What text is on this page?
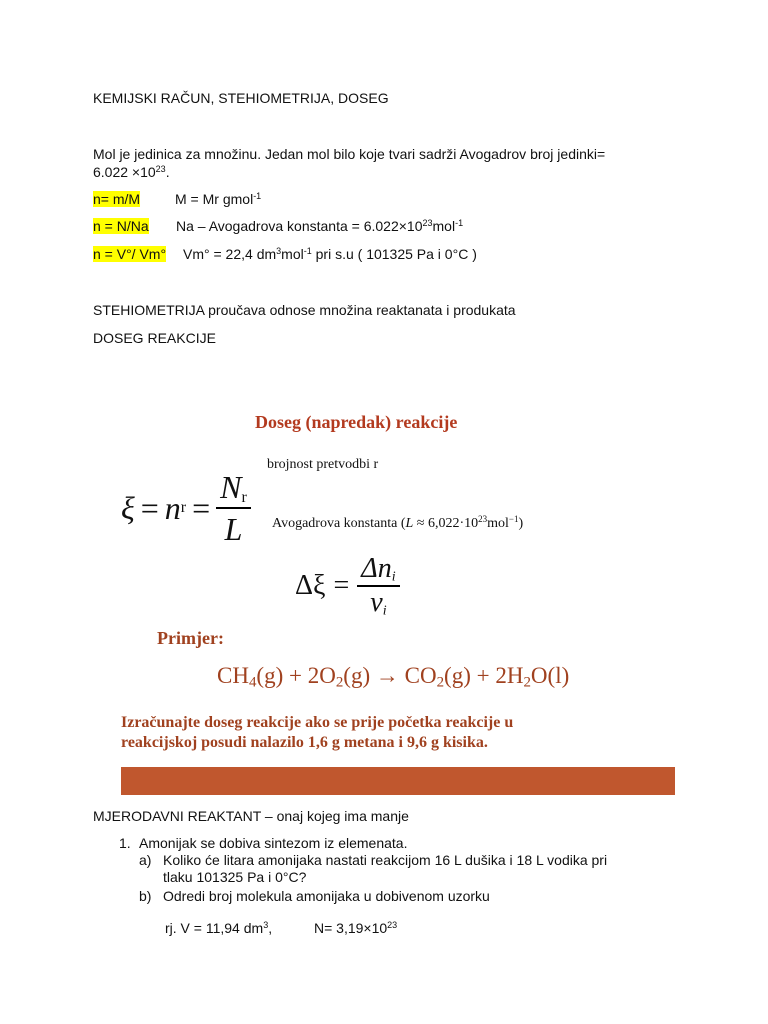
KEMIJSKI RAČUN, STEHIOMETRIJA, DOSEG
Mol je jedinica za množinu. Jedan mol bilo koje tvari sadrži Avogadrov broj jedinki=
$6.022 \times 10^{23}$.
n= m/M M = Mr gmol$^{-1}$
n = N/Na Na – Avogadrova konstanta = $6.022\times 10^{23}mol^{-1}$
n = V°/ Vm° Vm° = 22,4 $dm^3mol^{-1}$ pri s.u ( 101325 Pa i 0°C )
STEHIOMETRIJA proučava odnose množina reaktanata i produkata
DOSEG REAKCIJE
Doseg (napredak) reakcije
ξ = n $r = \frac{N_r}{L}$
brojnost pretvodbi r
Avogadrova konstanta $(L \approx 6,022\cdot 10^{23}mol^{-1})$
$\Delta\xi = \frac{\Delta n_i}{\nu_i}$
Primjer:
$CH_4(g) + 2O_2(g) \to CO_2(g) + 2H_2O(l)$
Izračunajte doseg reakcije ako se prije početka reakcije u
reakcijskoj posudi nalazilo 1,6 g metana i 9,6 g kisika.
MJERODAVNI REAKTANT – onaj kojeg ima manje
1. Amonijak se dobiva sintezom iz elemenata.
a) Koliko će litara amonijaka nastati reakcijom 16 L dušika i 18 L vodika pri
tlaku 101325 Pa i 0°C?
b) Odredi broj molekula amonijaka u dobivenom uzorku
rj. V = 11,94 $dm^3$,	$N= 3,19\times 10^{23}$
